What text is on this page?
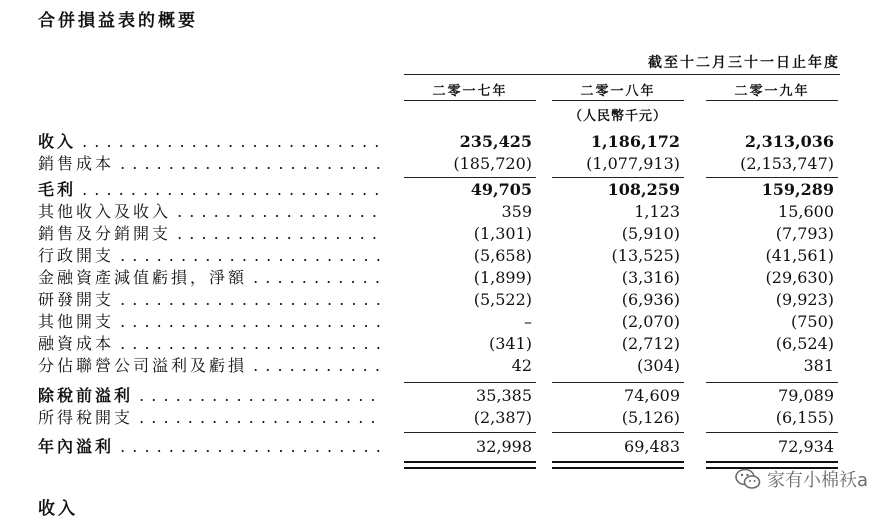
合併損益表的概要
截至十二月三十一日止年度
二零一七年	二零一八年	二零一九年
（人民幣千元）
收入 . . .	235,425	1,186,172	2,313,036
銷售成本 . . .	(185,720)	(1,077,913)	(2,153,747)
毛利 . . .	49,705	108,259	159,289
其他收入及收入 . . .	359	1,123	15,600
銷售及分銷開支 . . .	(1,301)	(5,910)	(7,793)
行政開支 . . .	(5,658)	(13,525)	(41,561)
金融資產減值虧損，淨額 . . .	(1,899)	(3,316)	(29,630)
研發開支 . . .	(5,522)	(6,936)	(9,923)
其他開支 . . .	–	(2,070)	(750)
融資成本 . . .	(341)	(2,712)	(6,524)
分佔聯營公司溢利及虧損 . . .	42	(304)	381
除稅前溢利 . . .	35,385	74,609	79,089
所得稅開支 . . .	(2,387)	(5,126)	(6,155)
年內溢利 . . .	32,998	69,483	72,934
家有小棉袄a
收入
